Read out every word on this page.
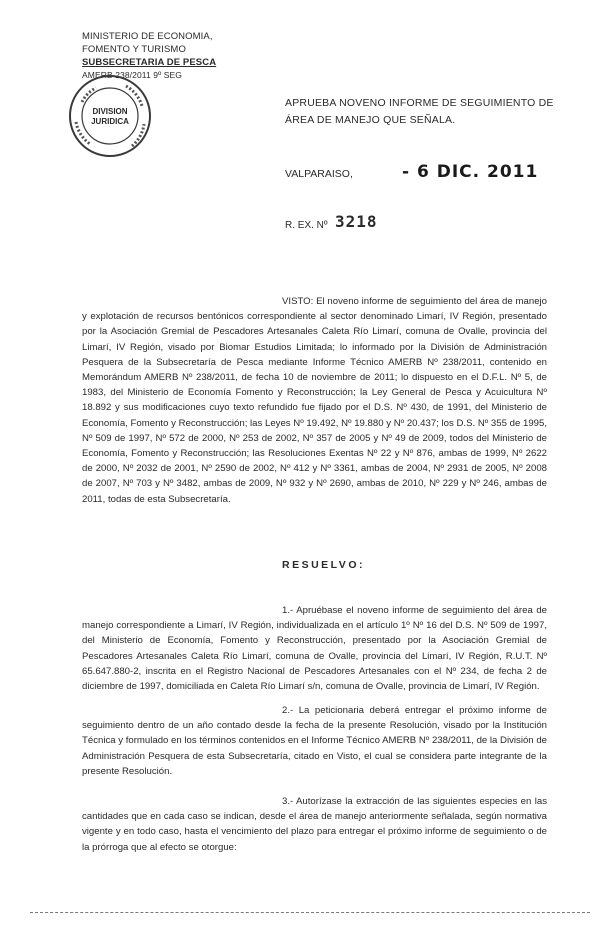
MINISTERIO DE ECONOMIA,
FOMENTO Y TURISMO
SUBSECRETARIA DE PESCA
AMERB 238/2011 9º SEG
DIVISION
JURIDICA
APRUEBA NOVENO INFORME DE SEGUIMIENTO DE ÁREA DE MANEJO QUE SEÑALA.
VALPARAISO,	- 6 DIC. 2011
R. EX. Nº 3218

VISTO: El noveno informe de seguimiento del área de manejo y explotación de recursos bentónicos correspondiente al sector denominado Limarí, IV Región, presentado por la Asociación Gremial de Pescadores Artesanales Caleta Río Limarí, comuna de Ovalle, provincia del Limarí, IV Región, visado por Biomar Estudios Limitada; lo informado por la División de Administración Pesquera de la Subsecretaría de Pesca mediante Informe Técnico AMERB Nº 238/2011, contenido en Memorándum AMERB Nº 238/2011, de fecha 10 de noviembre de 2011; lo dispuesto en el D.F.L. Nº 5, de 1983, del Ministerio de Economía Fomento y Reconstrucción; la Ley General de Pesca y Acuicultura Nº 18.892 y sus modificaciones cuyo texto refundido fue fijado por el D.S. Nº 430, de 1991, del Ministerio de Economía, Fomento y Reconstrucción; las Leyes Nº 19.492, Nº 19.880 y Nº 20.437; los D.S. Nº 355 de 1995, Nº 509 de 1997, Nº 572 de 2000, Nº 253 de 2002, Nº 357 de 2005 y Nº 49 de 2009, todos del Ministerio de Economía, Fomento y Reconstrucción; las Resoluciones Exentas Nº 22 y Nº 876, ambas de 1999, Nº 2622 de 2000, Nº 2032 de 2001, Nº 2590 de 2002, Nº 412 y Nº 3361, ambas de 2004, Nº 2931 de 2005, Nº 2008 de 2007, Nº 703 y Nº 3482, ambas de 2009, Nº 932 y Nº 2690, ambas de 2010, Nº 229 y Nº 246, ambas de 2011, todas de esta Subsecretaría.

RESUELVO:

1.- Apruébase el noveno informe de seguimiento del área de manejo correspondiente a Limarí, IV Región, individualizada en el artículo 1º Nº 16 del D.S. Nº 509 de 1997, del Ministerio de Economía, Fomento y Reconstrucción, presentado por la Asociación Gremial de Pescadores Artesanales Caleta Río Limarí, comuna de Ovalle, provincia del Limarí, IV Región, R.U.T. Nº 65.647.880-2, inscrita en el Registro Nacional de Pescadores Artesanales con el Nº 234, de fecha 2 de diciembre de 1997, domiciliada en Caleta Río Limarí s/n, comuna de Ovalle, provincia de Limarí, IV Región.

2.- La peticionaria deberá entregar el próximo informe de seguimiento dentro de un año contado desde la fecha de la presente Resolución, visado por la Institución Técnica y formulado en los términos contenidos en el Informe Técnico AMERB Nº 238/2011, de la División de Administración Pesquera de esta Subsecretaría, citado en Visto, el cual se considera parte integrante de la presente Resolución.

3.- Autorízase la extracción de las siguientes especies en las cantidades que en cada caso se indican, desde el área de manejo anteriormente señalada, según normativa vigente y en todo caso, hasta el vencimiento del plazo para entregar el próximo informe de seguimiento o de la prórroga que al efecto se otorgue:
